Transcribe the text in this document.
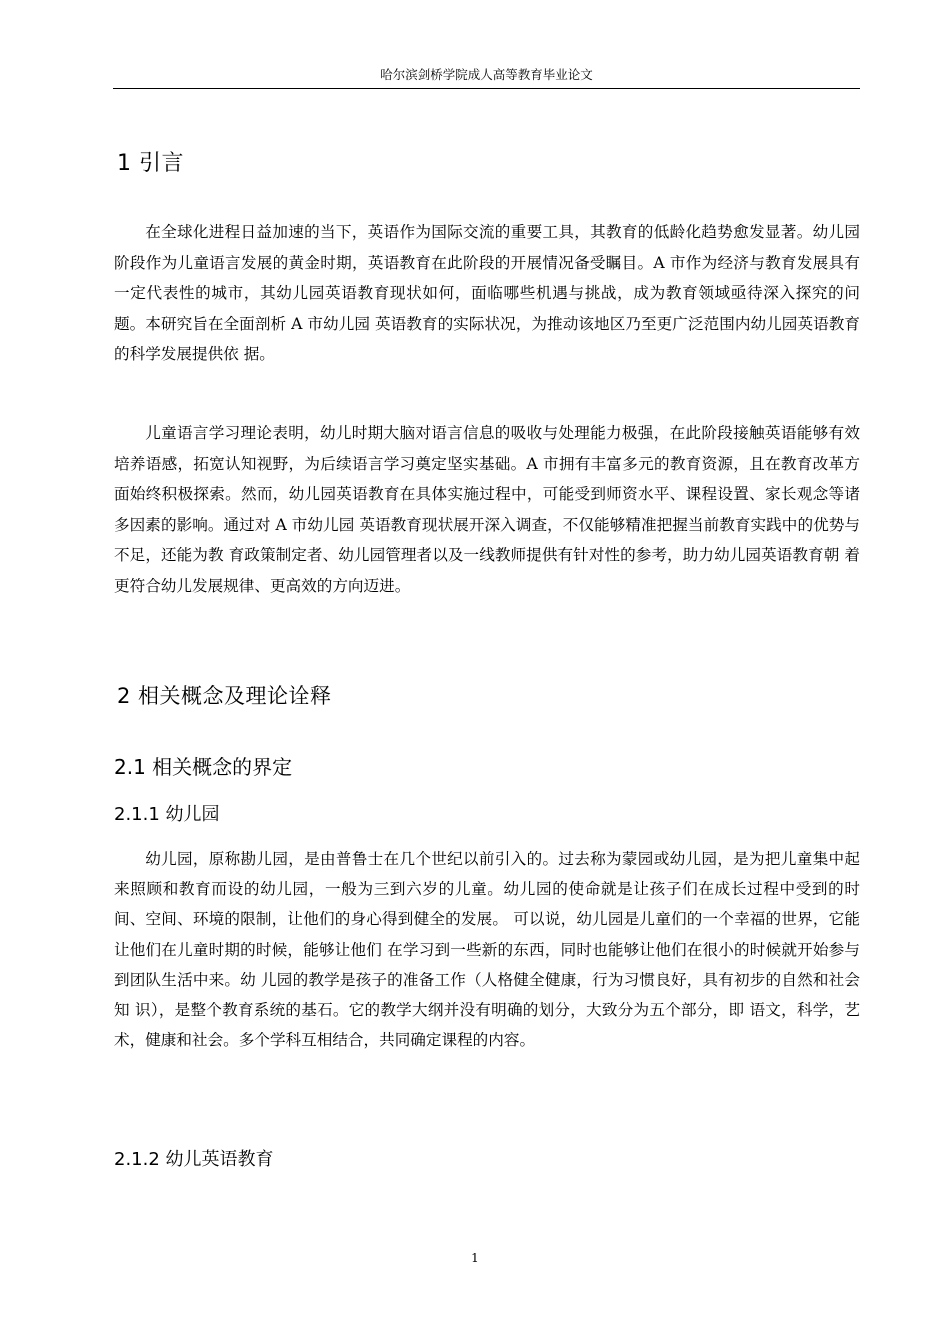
哈尔滨剑桥学院成人高等教育毕业论文
1 引言

在全球化进程日益加速的当下，英语作为国际交流的重要工具，其教育的低龄化趋势愈发显著。幼儿园阶段作为儿童语言发展的黄金时期，英语教育在此阶段的开展情况备受瞩目。A 市作为经济与教育发展具有一定代表性的城市，其幼儿园英语教育现状如何，面临哪些机遇与挑战，成为教育领域亟待深入探究的问题。本研究旨在全面剖析 A 市幼儿园 英语教育的实际状况，为推动该地区乃至更广泛范围内幼儿园英语教育的科学发展提供依 据。

儿童语言学习理论表明，幼儿时期大脑对语言信息的吸收与处理能力极强，在此阶段接触英语能够有效培养语感，拓宽认知视野，为后续语言学习奠定坚实基础。A 市拥有丰富多元的教育资源，且在教育改革方面始终积极探索。然而，幼儿园英语教育在具体实施过程中，可能受到师资水平、课程设置、家长观念等诸多因素的影响。通过对 A 市幼儿园 英语教育现状展开深入调查，不仅能够精准把握当前教育实践中的优势与不足，还能为教 育政策制定者、幼儿园管理者以及一线教师提供有针对性的参考，助力幼儿园英语教育朝 着更符合幼儿发展规律、更高效的方向迈进。

2 相关概念及理论诠释
2.1 相关概念的界定
2.1.1 幼儿园

幼儿园，原称勘儿园，是由普鲁士在几个世纪以前引入的。过去称为蒙园或幼儿园，是为把儿童集中起来照顾和教育而设的幼儿园，一般为三到六岁的儿童。幼儿园的使命就是让孩子们在成长过程中受到的时间、空间、环境的限制，让他们的身心得到健全的发展。 可以说，幼儿园是儿童们的一个幸福的世界，它能让他们在儿童时期的时候，能够让他们 在学习到一些新的东西，同时也能够让他们在很小的时候就开始参与到团队生活中来。幼 儿园的教学是孩子的准备工作（人格健全健康，行为习惯良好，具有初步的自然和社会知 识），是整个教育系统的基石。它的教学大纲并没有明确的划分，大致分为五个部分，即 语文，科学，艺术，健康和社会。多个学科互相结合，共同确定课程的内容。

2.1.2 幼儿英语教育
1
